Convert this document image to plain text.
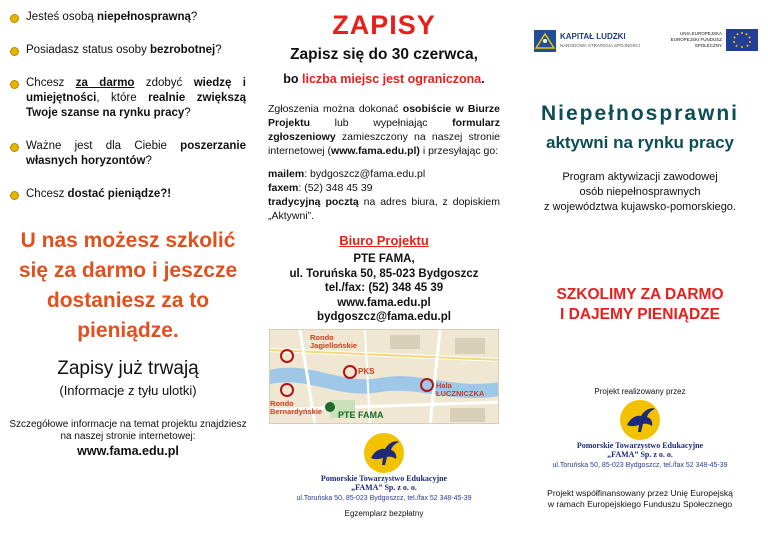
Jesteś osobą niepełnosprawną?
Posiadasz status osoby bezrobotnej?
Chcesz za darmo zdobyć wiedzę i umiejętności, które realnie zwiększą Twoje szanse na rynku pracy?
Ważne jest dla Ciebie poszerzanie własnych horyzontów?
Chcesz dostać pieniądze?!
U nas możesz szkolić się za darmo i jeszcze dostaniesz za to pieniądze.
Zapisy już trwają
(Informacje z tyłu ulotki)
Szczegółowe informacje na temat projektu znajdziesz na naszej stronie internetowej:
www.fama.edu.pl
ZAPISY
Zapisz się do 30 czerwca,
bo liczba miejsc jest ograniczona.
Zgłoszenia można dokonać osobiście w Biurze Projektu lub wypełniając formularz zgłoszeniowy zamieszczony na naszej stronie internetowej (www.fama.edu.pl) i przesyłając go:
mailem: bydgoszcz@fama.edu.pl
faxem: (52) 348 45 39
tradycyjną pocztą na adres biura, z dopiskiem „Aktywni”.
Biuro Projektu
PTE FAMA,
ul. Toruńska 50, 85-023 Bydgoszcz
tel./fax: (52) 348 45 39
www.fama.edu.pl
bydgoszcz@fama.edu.pl
Rondo Jagiellońskie
PKS
Hala ŁUCZNICZKA
Rondo Bernardyńskie	PTE FAMA
Pomorskie Towarzystwo Edukacyjne
„FAMA” Sp. z o. o.
ul.Toruńska 50, 85-023 Bydgoszcz, tel./fax 52 348-45-39
Egzemplarz bezpłatny
KAPITAŁ LUDZKI
NARODOWA STRATEGIA SPÓJNOŚCI
UNIA EUROPEJSKA EUROPEJSKI FUNDUSZ SPOŁECZNY
Niepełnosprawni
aktywni na rynku pracy
Program aktywizacji zawodowej
osób niepełnosprawnych
z województwa kujawsko-pomorskiego.
SZKOLIMY ZA DARMO
I DAJEMY PIENIĄDZE
Projekt realizowany przez
Pomorskie Towarzystwo Edukacyjne
„FAMA” Sp. z o. o.
ul.Toruńska 50, 85-023 Bydgoszcz, tel./fax 52 348-45-39
Projekt współfinansowany przez Unię Europejską
w ramach Europejskiego Funduszu Społecznego
